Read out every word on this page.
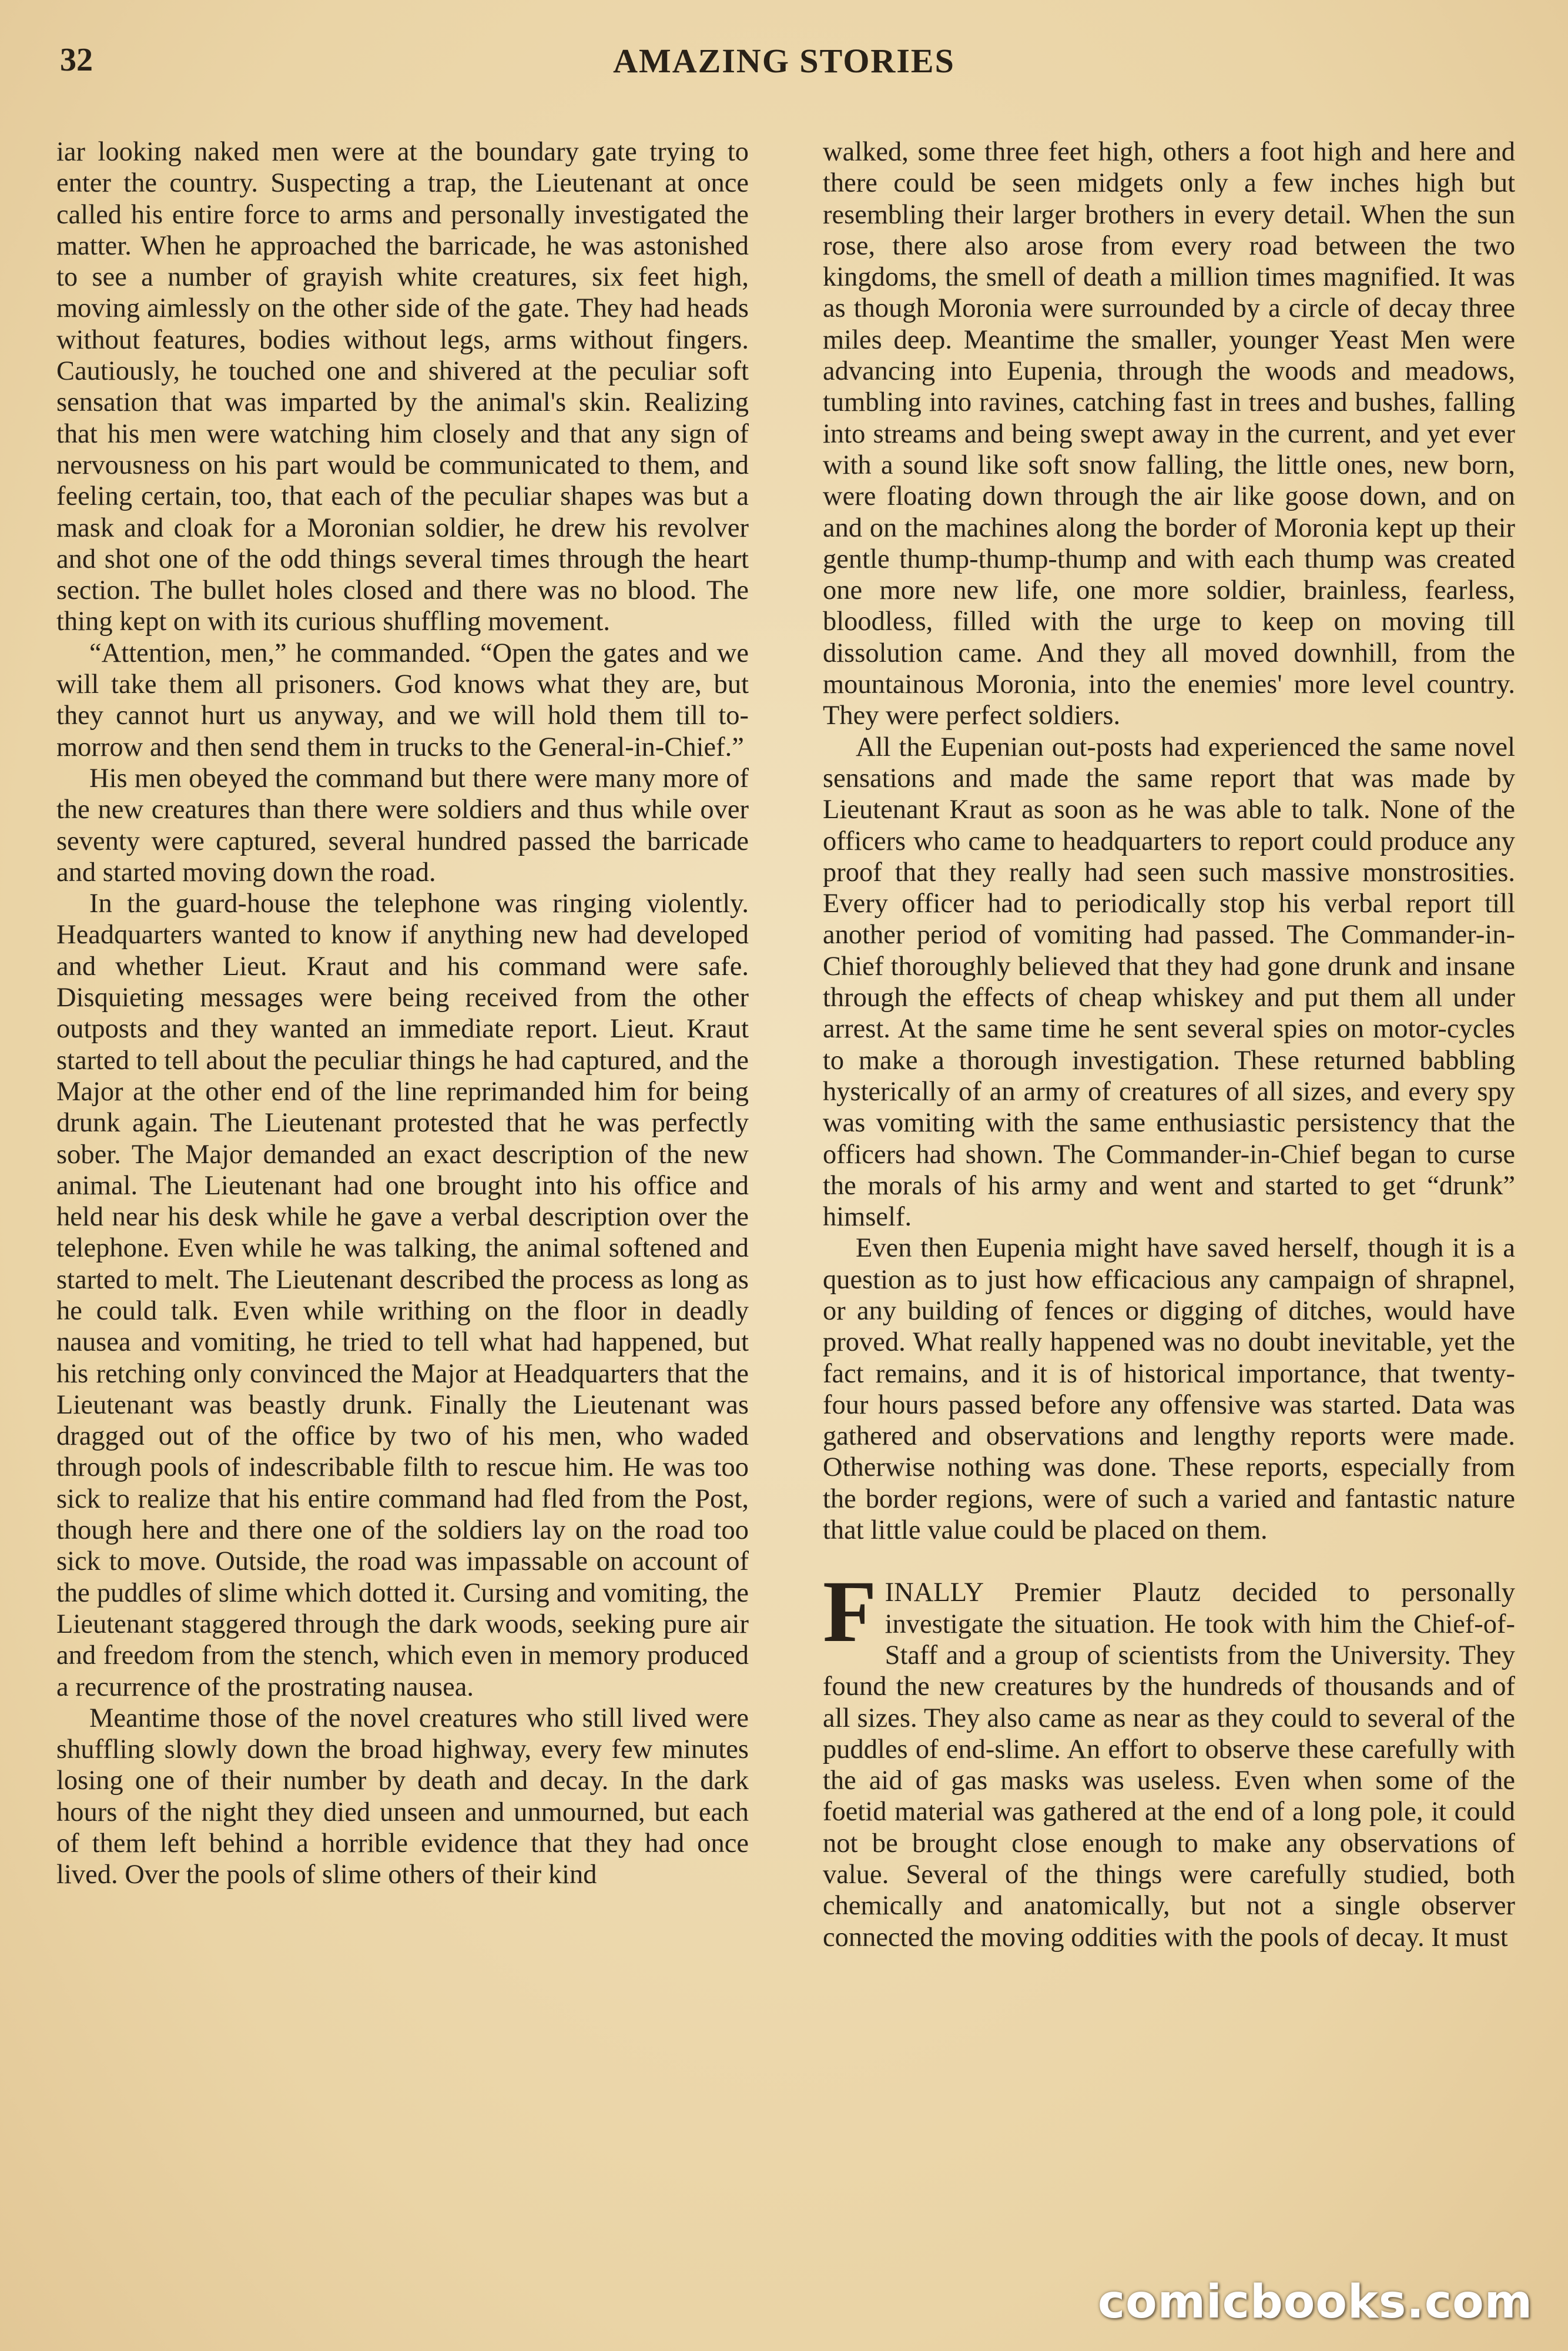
32	AMAZING STORIES

iar looking naked men were at the boundary gate trying to enter the country. Suspecting a trap, the Lieutenant at once called his entire force to arms and personally investigated the matter. When he approached the barricade, he was astonished to see a number of grayish white creatures, six feet high, moving aimlessly on the other side of the gate. They had heads without features, bodies without legs, arms without fingers. Cautiously, he touched one and shivered at the peculiar soft sensation that was imparted by the animal's skin. Realizing that his men were watching him closely and that any sign of nervousness on his part would be communicated to them, and feeling certain, too, that each of the peculiar shapes was but a mask and cloak for a Moronian soldier, he drew his revolver and shot one of the odd things several times through the heart section. The bullet holes closed and there was no blood. The thing kept on with its curious shuffling movement.

“Attention, men,” he commanded. “Open the gates and we will take them all prisoners. God knows what they are, but they cannot hurt us anyway, and we will hold them till to-morrow and then send them in trucks to the General-in-Chief.”

His men obeyed the command but there were many more of the new creatures than there were soldiers and thus while over seventy were captured, several hundred passed the barricade and started moving down the road.

In the guard-house the telephone was ringing violently. Headquarters wanted to know if anything new had developed and whether Lieut. Kraut and his command were safe. Disquieting messages were being received from the other outposts and they wanted an immediate report. Lieut. Kraut started to tell about the peculiar things he had captured, and the Major at the other end of the line reprimanded him for being drunk again. The Lieutenant protested that he was perfectly sober. The Major demanded an exact description of the new animal. The Lieutenant had one brought into his office and held near his desk while he gave a verbal description over the telephone. Even while he was talking, the animal softened and started to melt. The Lieutenant described the process as long as he could talk. Even while writhing on the floor in deadly nausea and vomiting, he tried to tell what had happened, but his retching only convinced the Major at Headquarters that the Lieutenant was beastly drunk. Finally the Lieutenant was dragged out of the office by two of his men, who waded through pools of indescribable filth to rescue him. He was too sick to realize that his entire command had fled from the Post, though here and there one of the soldiers lay on the road too sick to move. Outside, the road was impassable on account of the puddles of slime which dotted it. Cursing and vomiting, the Lieutenant staggered through the dark woods, seeking pure air and freedom from the stench, which even in memory produced a recurrence of the prostrating nausea.

Meantime those of the novel creatures who still lived were shuffling slowly down the broad highway, every few minutes losing one of their number by death and decay. In the dark hours of the night they died unseen and unmourned, but each of them left behind a horrible evidence that they had once lived. Over the pools of slime others of their kind

walked, some three feet high, others a foot high and here and there could be seen midgets only a few inches high but resembling their larger brothers in every detail. When the sun rose, there also arose from every road between the two kingdoms, the smell of death a million times magnified. It was as though Moronia were surrounded by a circle of decay three miles deep. Meantime the smaller, younger Yeast Men were advancing into Eupenia, through the woods and meadows, tumbling into ravines, catching fast in trees and bushes, falling into streams and being swept away in the current, and yet ever with a sound like soft snow falling, the little ones, new born, were floating down through the air like goose down, and on and on the machines along the border of Moronia kept up their gentle thump-thump-thump and with each thump was created one more new life, one more soldier, brainless, fearless, bloodless, filled with the urge to keep on moving till dissolution came. And they all moved downhill, from the mountainous Moronia, into the enemies' more level country. They were perfect soldiers.

All the Eupenian out-posts had experienced the same novel sensations and made the same report that was made by Lieutenant Kraut as soon as he was able to talk. None of the officers who came to headquarters to report could produce any proof that they really had seen such massive monstrosities. Every officer had to periodically stop his verbal report till another period of vomiting had passed. The Commander-in-Chief thoroughly believed that they had gone drunk and insane through the effects of cheap whiskey and put them all under arrest. At the same time he sent several spies on motor-cycles to make a thorough investigation. These returned babbling hysterically of an army of creatures of all sizes, and every spy was vomiting with the same enthusiastic persistency that the officers had shown. The Commander-in-Chief began to curse the morals of his army and went and started to get “drunk” himself.

Even then Eupenia might have saved herself, though it is a question as to just how efficacious any campaign of shrapnel, or any building of fences or digging of ditches, would have proved. What really happened was no doubt inevitable, yet the fact remains, and it is of historical importance, that twenty-four hours passed before any offensive was started. Data was gathered and observations and lengthy reports were made. Otherwise nothing was done. These reports, especially from the border regions, were of such a varied and fantastic nature that little value could be placed on them.

FINALLY Premier Plautz decided to personally investigate the situation. He took with him the Chief-of-Staff and a group of scientists from the University. They found the new creatures by the hundreds of thousands and of all sizes. They also came as near as they could to several of the puddles of end-slime. An effort to observe these carefully with the aid of gas masks was useless. Even when some of the foetid material was gathered at the end of a long pole, it could not be brought close enough to make any observations of value. Several of the things were carefully studied, both chemically and anatomically, but not a single observer connected the moving oddities with the pools of decay. It must

comicbooks.com
